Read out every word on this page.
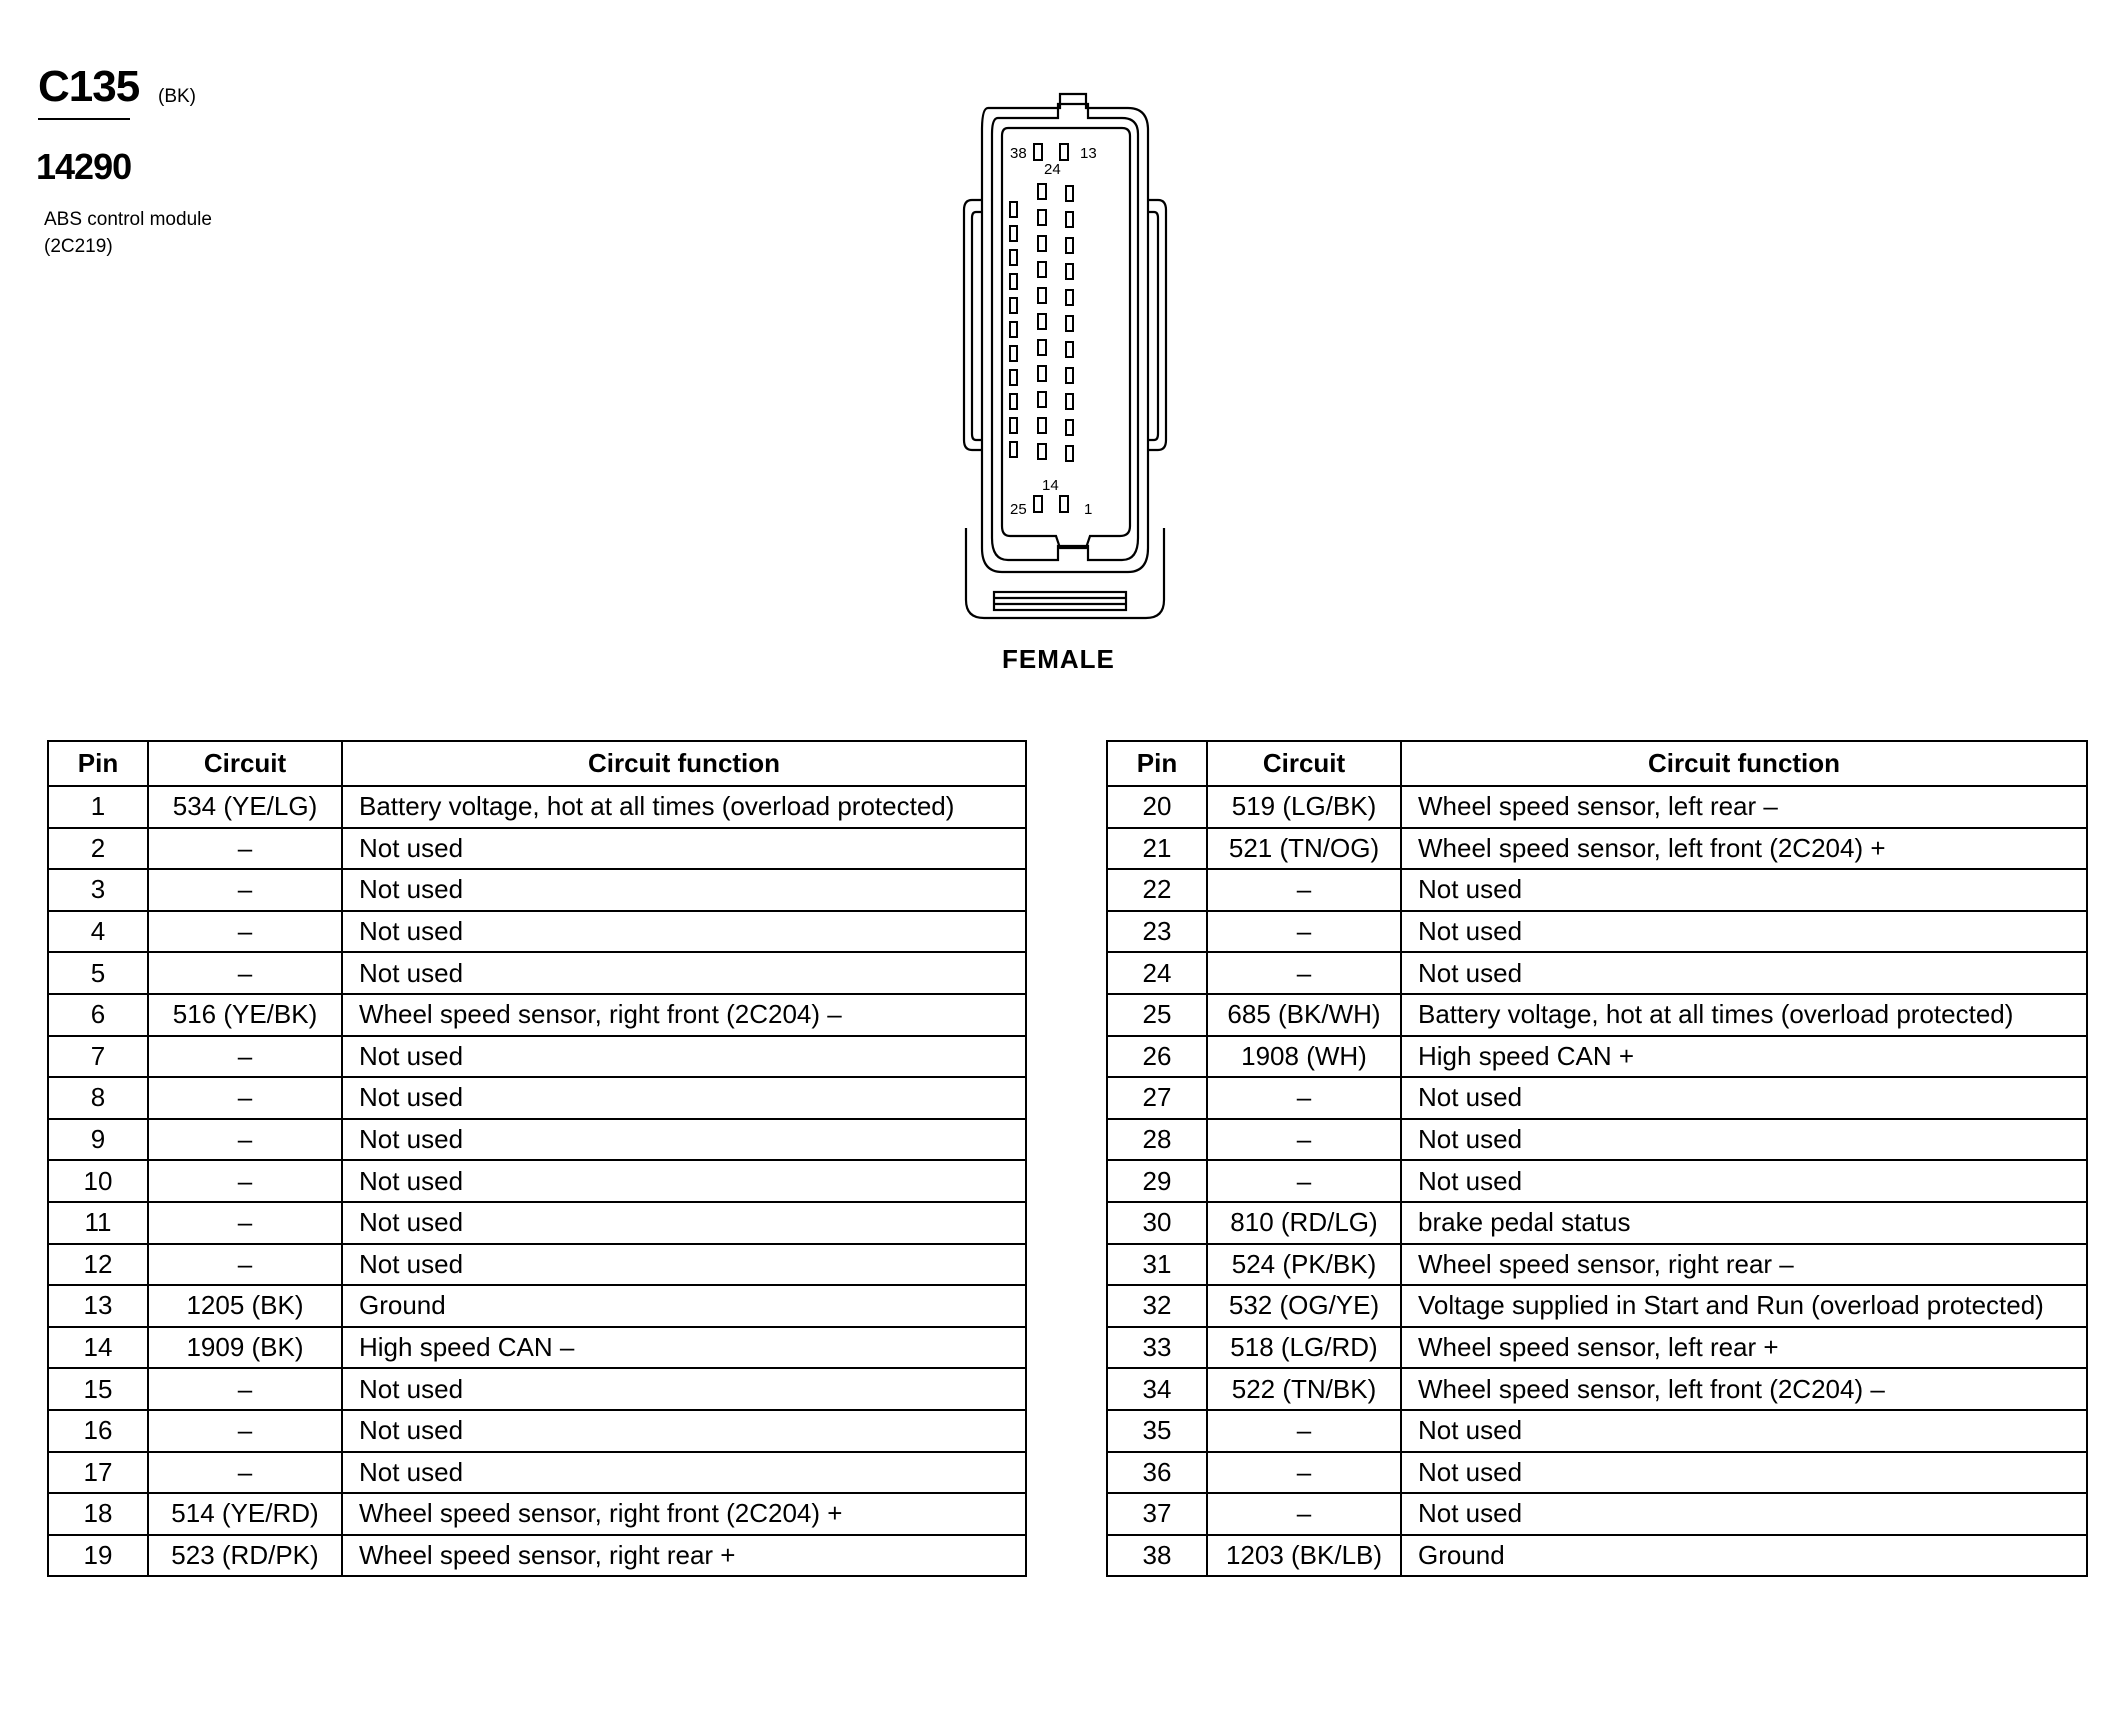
C135 (BK)
14290
ABS control module
(2C219)
38	13
24
14
25	1
FEMALE
Pin	Circuit	Circuit function
1	534 (YE/LG)	Battery voltage, hot at all times (overload protected)
2	–	Not used
3	–	Not used
4	–	Not used
5	–	Not used
6	516 (YE/BK)	Wheel speed sensor, right front (2C204) –
7	–	Not used
8	–	Not used
9	–	Not used
10	–	Not used
11	–	Not used
12	–	Not used
13	1205 (BK)	Ground
14	1909 (BK)	High speed CAN –
15	–	Not used
16	–	Not used
17	–	Not used
18	514 (YE/RD)	Wheel speed sensor, right front (2C204) +
19	523 (RD/PK)	Wheel speed sensor, right rear +
Pin	Circuit	Circuit function
20	519 (LG/BK)	Wheel speed sensor, left rear –
21	521 (TN/OG)	Wheel speed sensor, left front (2C204) +
22	–	Not used
23	–	Not used
24	–	Not used
25	685 (BK/WH)	Battery voltage, hot at all times (overload protected)
26	1908 (WH)	High speed CAN +
27	–	Not used
28	–	Not used
29	–	Not used
30	810 (RD/LG)	brake pedal status
31	524 (PK/BK)	Wheel speed sensor, right rear –
32	532 (OG/YE)	Voltage supplied in Start and Run (overload protected)
33	518 (LG/RD)	Wheel speed sensor, left rear +
34	522 (TN/BK)	Wheel speed sensor, left front (2C204) –
35	–	Not used
36	–	Not used
37	–	Not used
38	1203 (BK/LB)	Ground
